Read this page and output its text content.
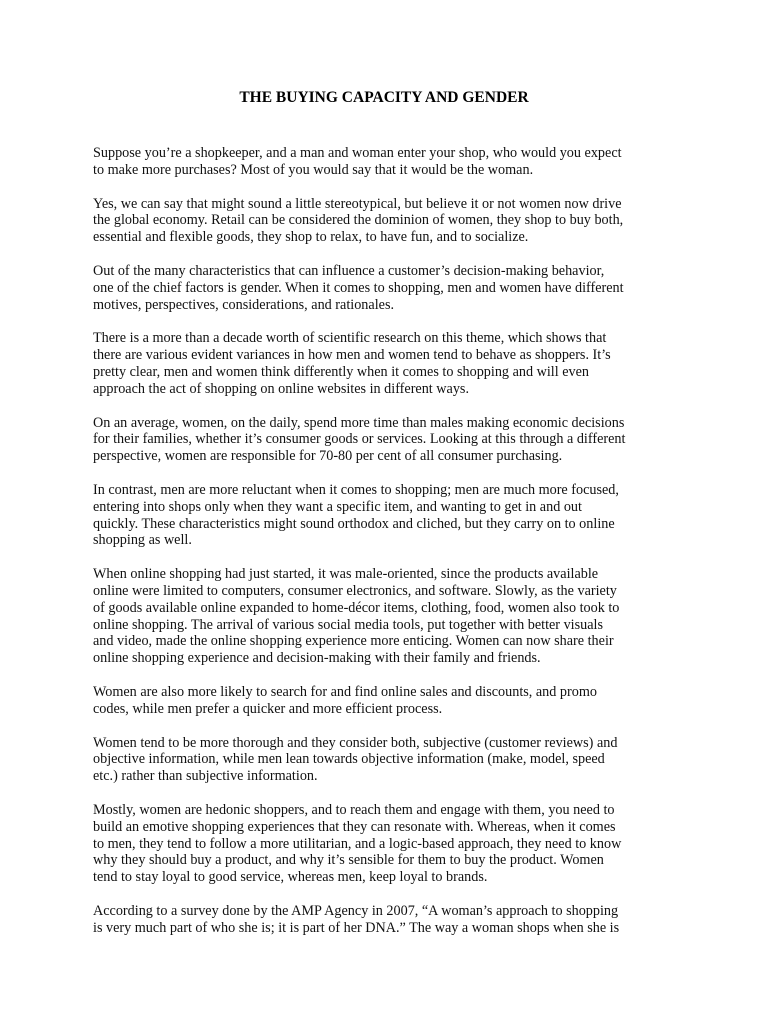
THE BUYING CAPACITY AND GENDER

Suppose you’re a shopkeeper, and a man and woman enter your shop, who would you expect
to make more purchases? Most of you would say that it would be the woman.

Yes, we can say that might sound a little stereotypical, but believe it or not women now drive
the global economy. Retail can be considered the dominion of women, they shop to buy both,
essential and flexible goods, they shop to relax, to have fun, and to socialize.

Out of the many characteristics that can influence a customer’s decision-making behavior,
one of the chief factors is gender. When it comes to shopping, men and women have different
motives, perspectives, considerations, and rationales.

There is a more than a decade worth of scientific research on this theme, which shows that
there are various evident variances in how men and women tend to behave as shoppers. It’s
pretty clear, men and women think differently when it comes to shopping and will even
approach the act of shopping on online websites in different ways.

On an average, women, on the daily, spend more time than males making economic decisions
for their families, whether it’s consumer goods or services. Looking at this through a different
perspective, women are responsible for 70-80 per cent of all consumer purchasing.

In contrast, men are more reluctant when it comes to shopping; men are much more focused,
entering into shops only when they want a specific item, and wanting to get in and out
quickly. These characteristics might sound orthodox and cliched, but they carry on to online
shopping as well.

When online shopping had just started, it was male-oriented, since the products available
online were limited to computers, consumer electronics, and software. Slowly, as the variety
of goods available online expanded to home-décor items, clothing, food, women also took to
online shopping. The arrival of various social media tools, put together with better visuals
and video, made the online shopping experience more enticing. Women can now share their
online shopping experience and decision-making with their family and friends.

Women are also more likely to search for and find online sales and discounts, and promo
codes, while men prefer a quicker and more efficient process.

Women tend to be more thorough and they consider both, subjective (customer reviews) and
objective information, while men lean towards objective information (make, model, speed
etc.) rather than subjective information.

Mostly, women are hedonic shoppers, and to reach them and engage with them, you need to
build an emotive shopping experiences that they can resonate with. Whereas, when it comes
to men, they tend to follow a more utilitarian, and a logic-based approach, they need to know
why they should buy a product, and why it’s sensible for them to buy the product. Women
tend to stay loyal to good service, whereas men, keep loyal to brands.

According to a survey done by the AMP Agency in 2007, “A woman’s approach to shopping
is very much part of who she is; it is part of her DNA.” The way a woman shops when she is
